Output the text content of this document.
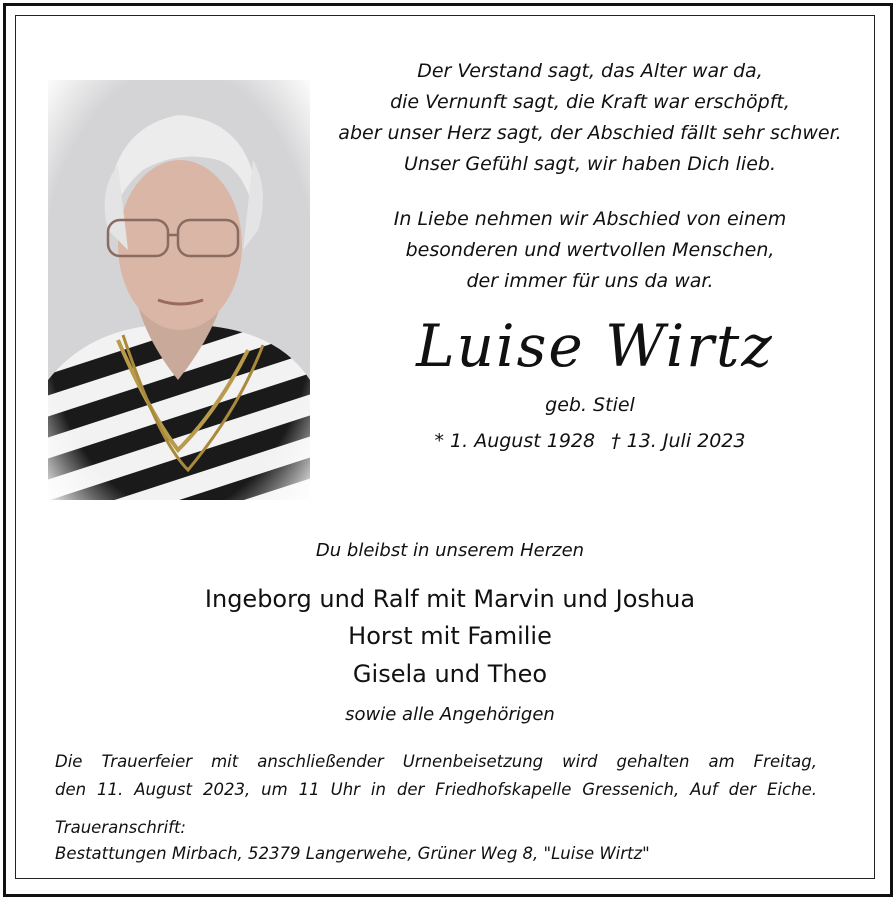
Der Verstand sagt, das Alter war da,
die Vernunft sagt, die Kraft war erschöpft,
aber unser Herz sagt, der Abschied fällt sehr schwer.
Unser Gefühl sagt, wir haben Dich lieb.
In Liebe nehmen wir Abschied von einem
besonderen und wertvollen Menschen,
der immer für uns da war.
Luise Wirtz
geb. Stiel
* 1. August 1928 † 13. Juli 2023
Du bleibst in unserem Herzen
Ingeborg und Ralf mit Marvin und Joshua
Horst mit Familie
Gisela und Theo
sowie alle Angehörigen
Die Trauerfeier mit anschließender Urnenbeisetzung wird gehalten am Freitag,
den 11. August 2023, um 11 Uhr in der Friedhofskapelle Gressenich, Auf der Eiche.
Traueranschrift:
Bestattungen Mirbach, 52379 Langerwehe, Grüner Weg 8, "Luise Wirtz"
